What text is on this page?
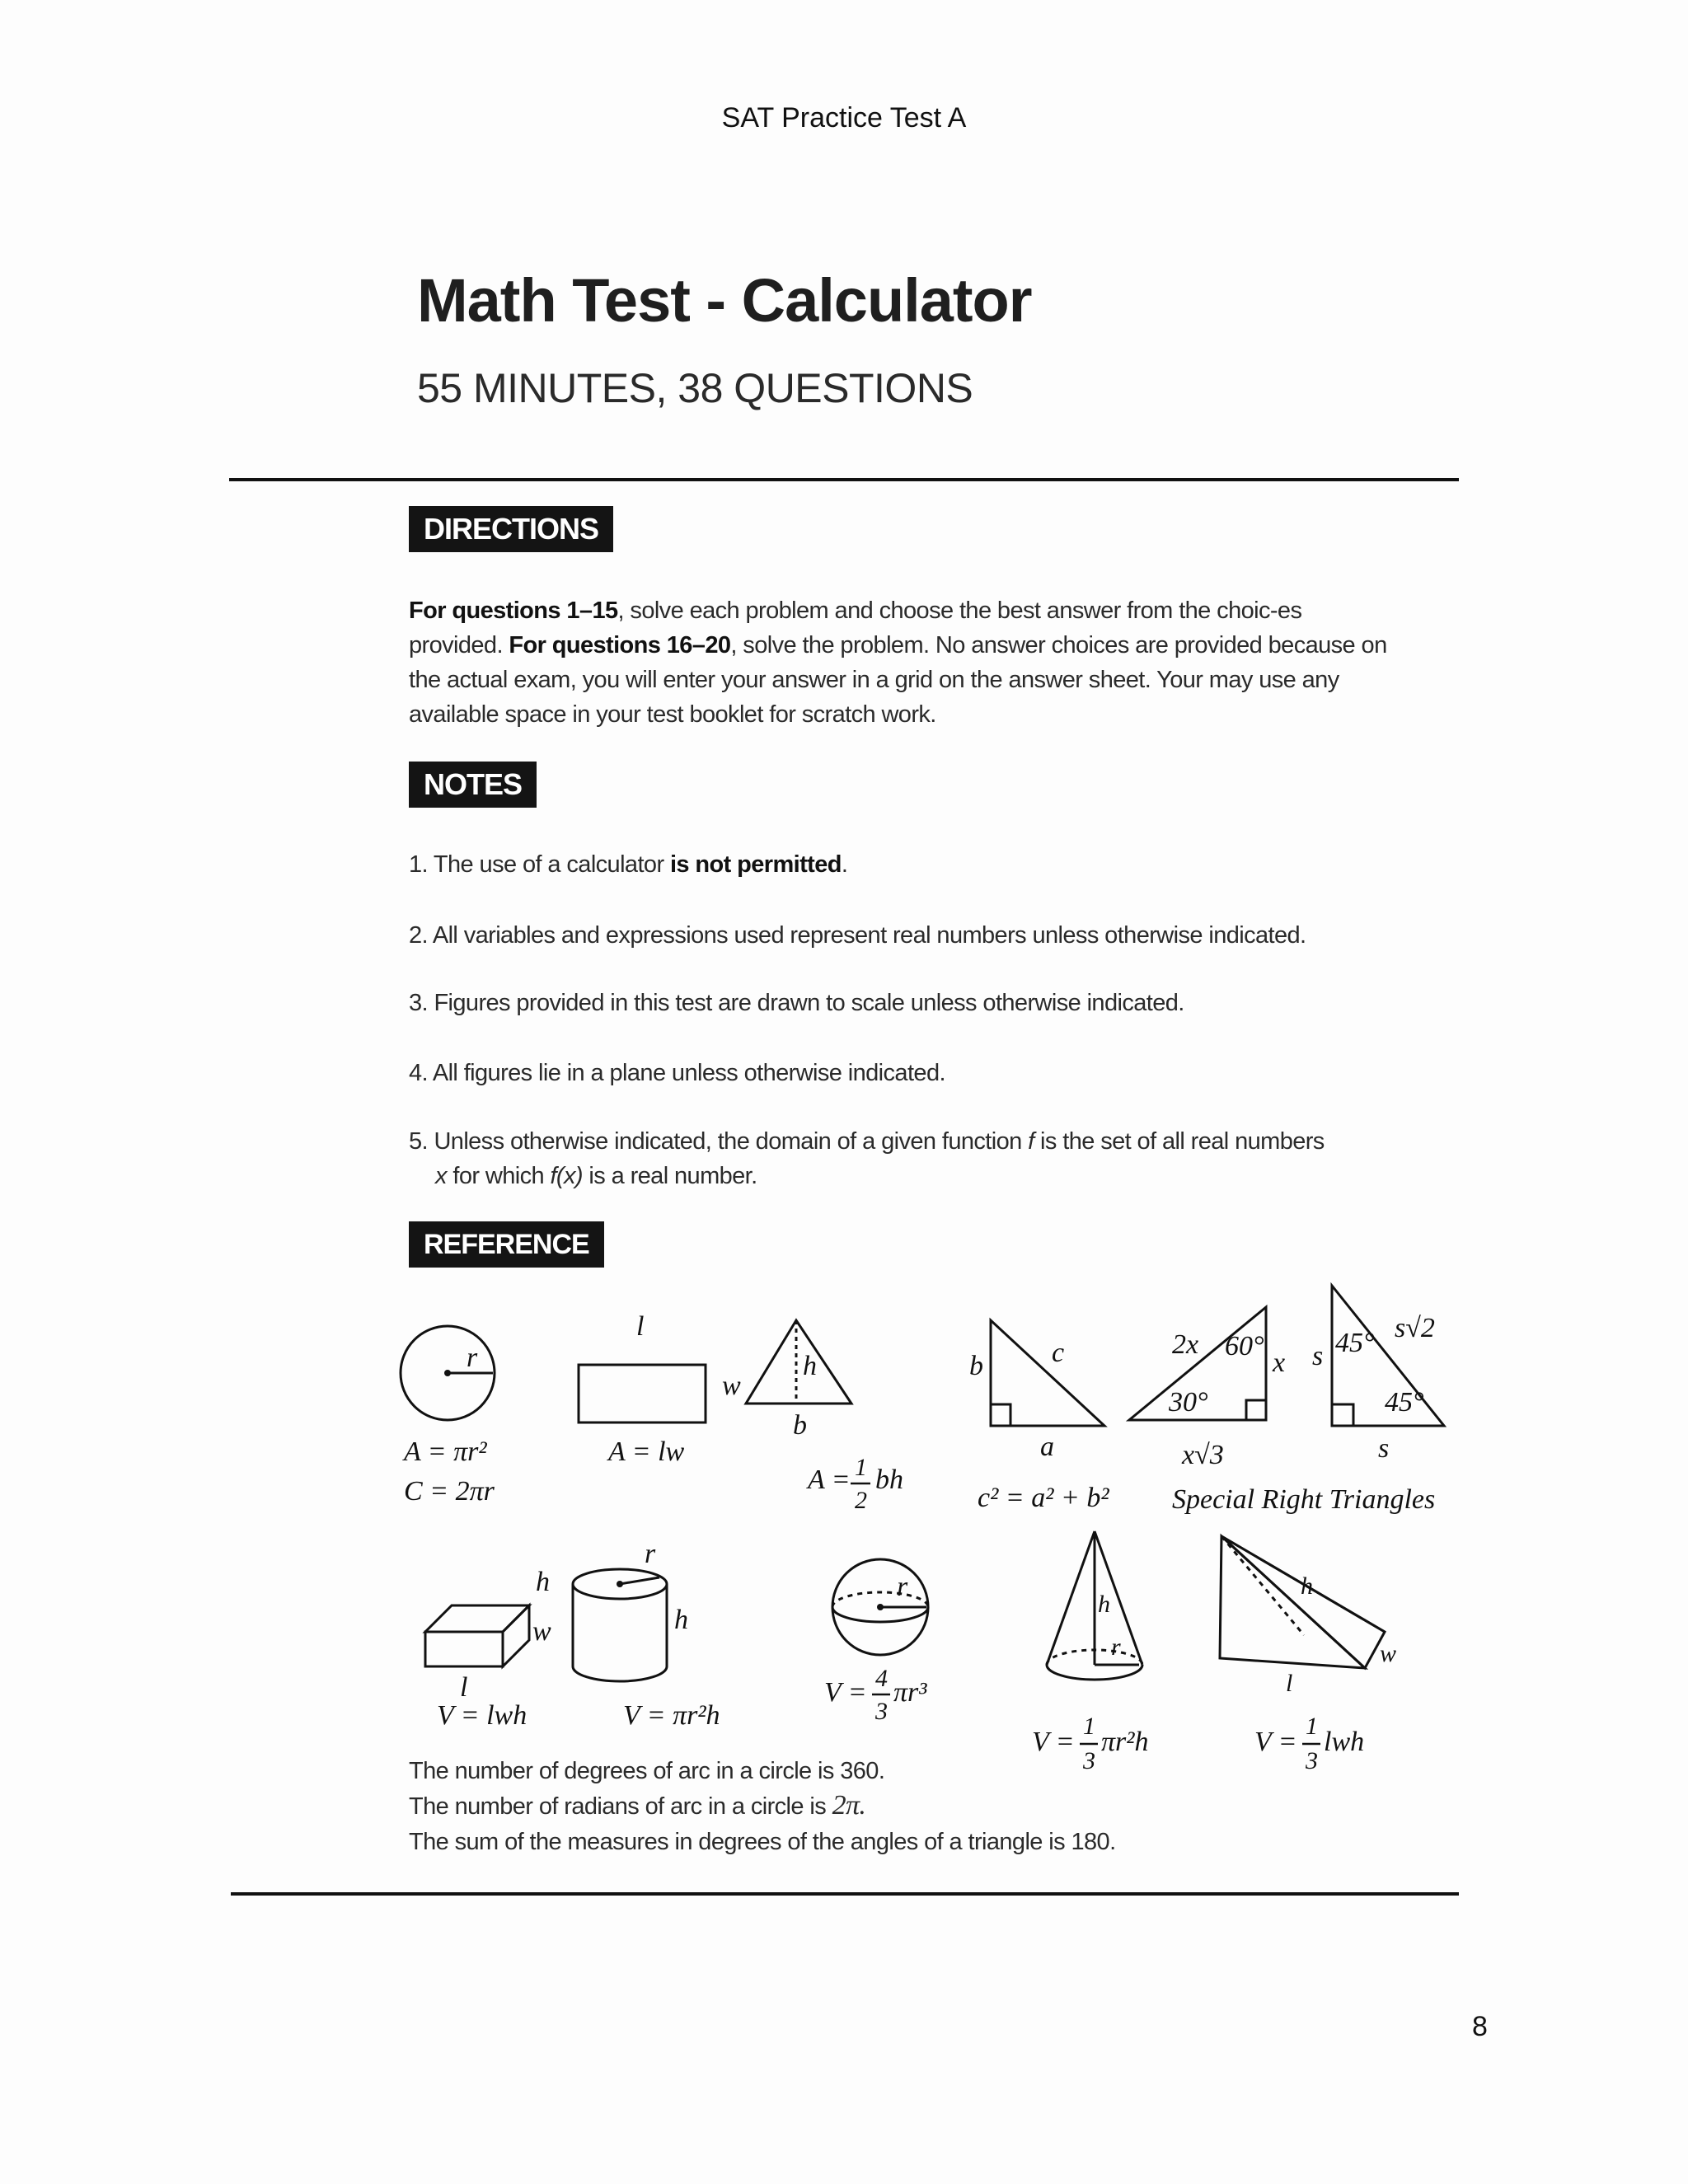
SAT Practice Test A
Math Test - Calculator
55 MINUTES, 38 QUESTIONS
DIRECTIONS
For questions 1–15, solve each problem and choose the best answer from the choic-es provided. For questions 16–20, solve the problem. No answer choices are provided because on the actual exam, you will enter your answer in a grid on the answer sheet. Your may use any available space in your test booklet for scratch work.
NOTES
1. The use of a calculator is not permitted.
2. All variables and expressions used represent real numbers unless otherwise indicated.
3. Figures provided in this test are drawn to scale unless otherwise indicated.
4. All figures lie in a plane unless otherwise indicated.
5. Unless otherwise indicated, the domain of a given function f is the set of all real numbers
x for which f(x) is a real number.
REFERENCE
r
A = πr²
C = 2πr
l
w
A = lw
h
b
A = 1
2
bh
b c
a
c² = a² + b²
2x 60°
30°
x
x√3
s 45° s√2
45°
s
Special Right Triangles
h
w
l
V = lwh
r
h
V = πr²h
r
V = 4
3
πr³
V =
1
3
πr²h	V =
1
3
lwh
h
r
h
w
l
The number of degrees of arc in a circle is 360.
The number of radians of arc in a circle is 2π.
The sum of the measures in degrees of the angles of a triangle is 180.
8
